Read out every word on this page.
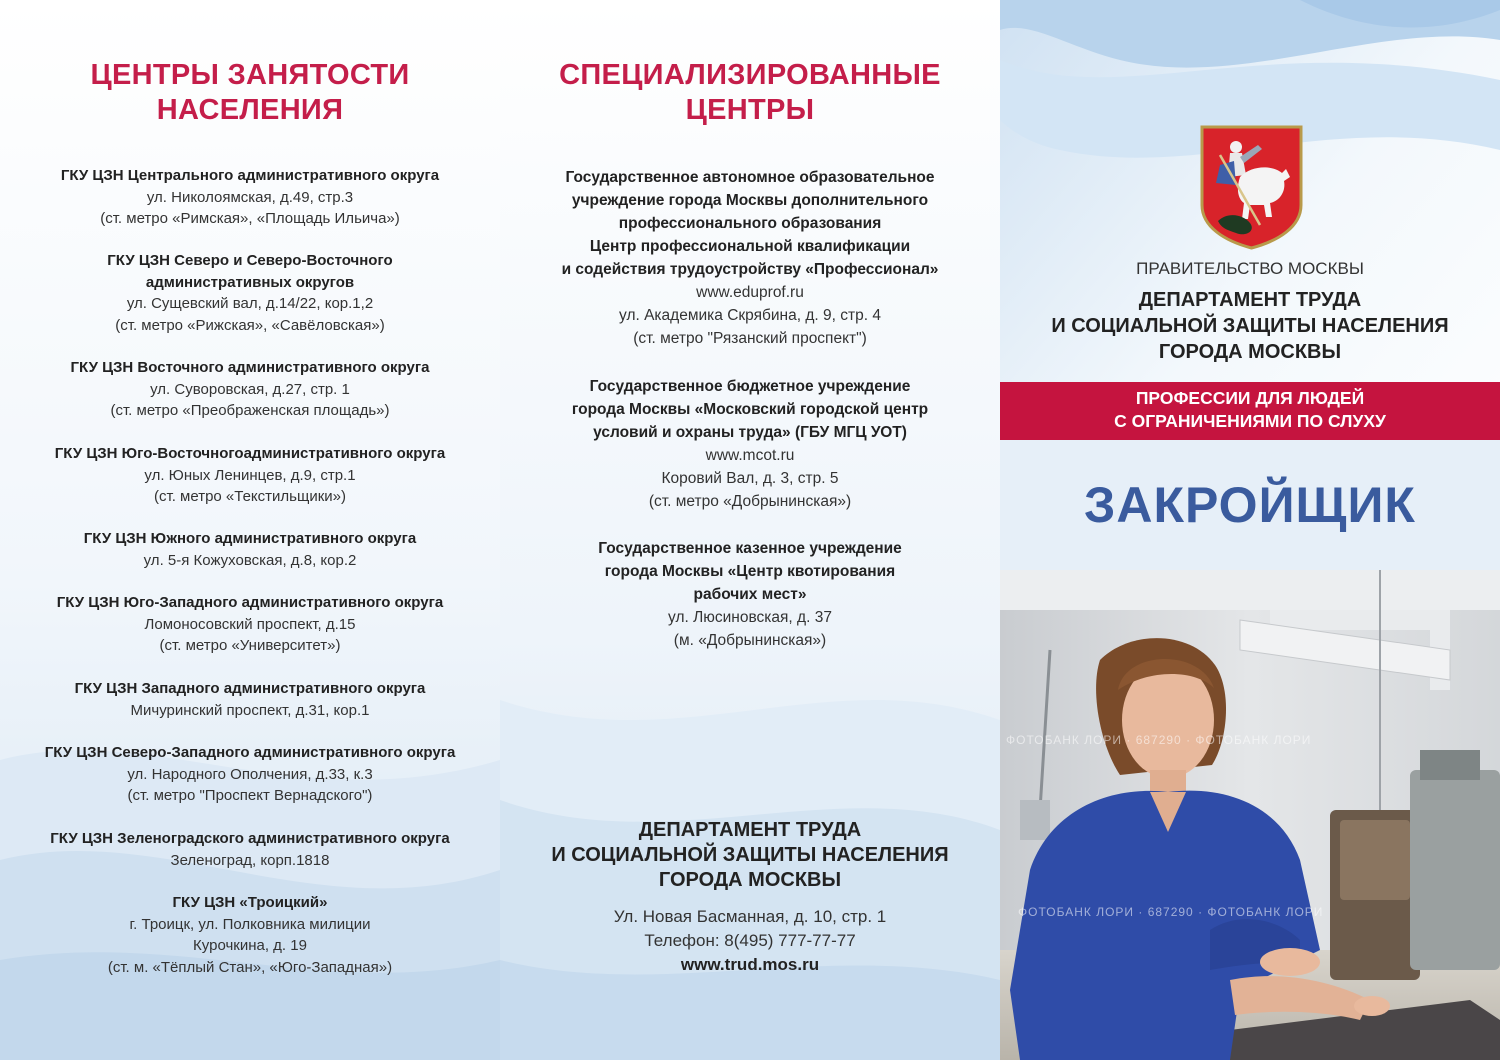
ЦЕНТРЫ ЗАНЯТОСТИ
НАСЕЛЕНИЯ
ГКУ ЦЗН Центрального административного округа
ул. Николоямская, д.49, стр.3
(ст. метро «Римская», «Площадь Ильича»)
ГКУ ЦЗН Северо и Северо-Восточного
административных округов
ул. Сущевский вал, д.14/22, кор.1,2
(ст. метро «Рижская», «Савёловская»)
ГКУ ЦЗН Восточного административного округа
ул. Суворовская, д.27, стр. 1
(ст. метро «Преображенская площадь»)
ГКУ ЦЗН Юго-Восточногоадминистративного округа
ул. Юных Ленинцев, д.9, стр.1
(ст. метро «Текстильщики»)
ГКУ ЦЗН Южного административного округа
ул. 5-я Кожуховская, д.8, кор.2
ГКУ ЦЗН Юго-Западного административного округа
Ломоносовский проспект, д.15
(ст. метро «Университет»)
ГКУ ЦЗН Западного административного округа
Мичуринский проспект, д.31, кор.1
ГКУ ЦЗН Северо-Западного административного округа
ул. Народного Ополчения, д.33, к.3
(ст. метро "Проспект Вернадского")
ГКУ ЦЗН Зеленоградского административного округа
Зеленоград, корп.1818
ГКУ ЦЗН «Троицкий»
г. Троицк, ул. Полковника милиции
Курочкина, д. 19
(ст. м. «Тёплый Стан», «Юго-Западная»)
СПЕЦИАЛИЗИРОВАННЫЕ
ЦЕНТРЫ
Государственное автономное образовательное
учреждение города Москвы дополнительного
профессионального образования
Центр профессиональной квалификации
и содействия трудоустройству «Профессионал»
www.eduprof.ru
ул. Академика Скрябина, д. 9, стр. 4
(ст. метро "Рязанский проспект")
Государственное бюджетное учреждение
города Москвы «Московский городской центр
условий и охраны труда» (ГБУ МГЦ УОТ)
www.mcot.ru
Коровий Вал, д. 3, стр. 5
(ст. метро «Добрынинская»)
Государственное казенное учреждение
города Москвы «Центр квотирования
рабочих мест»
ул. Люсиновская, д. 37
(м. «Добрынинская»)
ДЕПАРТАМЕНТ ТРУДА
И СОЦИАЛЬНОЙ ЗАЩИТЫ НАСЕЛЕНИЯ
ГОРОДА МОСКВЫ
Ул. Новая Басманная, д. 10, стр. 1
Телефон: 8(495) 777-77-77
www.trud.mos.ru
ПРАВИТЕЛЬСТВО МОСКВЫ
ДЕПАРТАМЕНТ ТРУДА
И СОЦИАЛЬНОЙ ЗАЩИТЫ НАСЕЛЕНИЯ
ГОРОДА МОСКВЫ
ПРОФЕССИИ ДЛЯ ЛЮДЕЙ
С ОГРАНИЧЕНИЯМИ ПО СЛУХУ
ЗАКРОЙЩИК
ФОТОБАНК ЛОРИ · 687290 · ФОТОБАНК ЛОРИ
ФОТОБАНК ЛОРИ · 687290 · ФОТОБАНК ЛОРИ
